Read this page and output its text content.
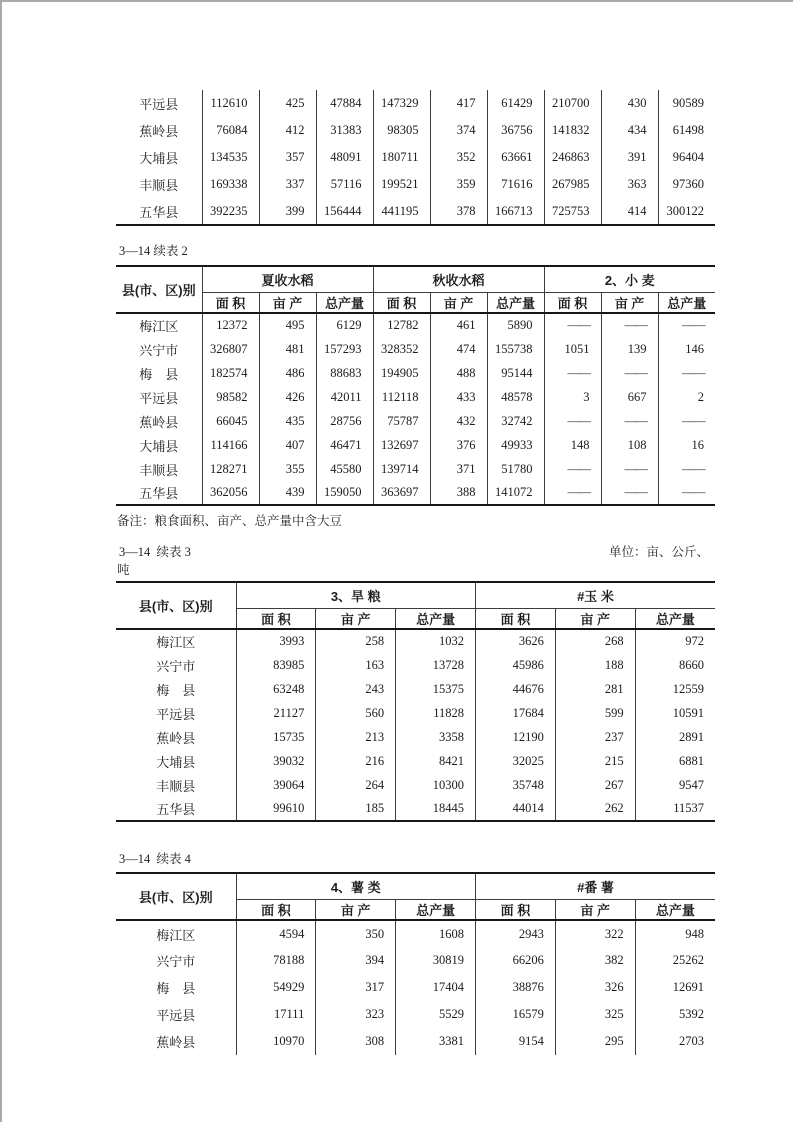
平远县	112610	425	47884	147329	417	61429	210700	430	90589
蕉岭县	76084	412	31383	98305	374	36756	141832	434	61498
大埔县	134535	357	48091	180711	352	63661	246863	391	96404
丰顺县	169338	337	57116	199521	359	71616	267985	363	97360
五华县	392235	399	156444	441195	378	166713	725753	414	300122
3—14 续表 2
县(市、区)别	夏收水稻			秋收水稻			2、小 麦		
	面 积	亩 产	总产量	面 积	亩 产	总产量	面 积	亩 产	总产量
梅江区	12372	495	6129	12782	461	5890	——	——	——
兴宁市	326807	481	157293	328352	474	155738	1051	139	146
梅　县	182574	486	88683	194905	488	95144	——	——	——
平远县	98582	426	42011	112118	433	48578	3	667	2
蕉岭县	66045	435	28756	75787	432	32742	——	——	——
大埔县	114166	407	46471	132697	376	49933	148	108	16
丰顺县	128271	355	45580	139714	371	51780	——	——	——
五华县	362056	439	159050	363697	388	141072	——	——	——
备注：粮食面积、亩产、总产量中含大豆
3—14  续表 3	单位：亩、公斤、
吨
县(市、区)别	3、旱 粮			#玉 米		
	面 积	亩 产	总产量	面 积	亩 产	总产量
梅江区	3993	258	1032	3626	268	972
兴宁市	83985	163	13728	45986	188	8660
梅　县	63248	243	15375	44676	281	12559
平远县	21127	560	11828	17684	599	10591
蕉岭县	15735	213	3358	12190	237	2891
大埔县	39032	216	8421	32025	215	6881
丰顺县	39064	264	10300	35748	267	9547
五华县	99610	185	18445	44014	262	11537
3—14  续表 4
县(市、区)别	4、薯 类			#番 薯		
	面 积	亩 产	总产量	面 积	亩 产	总产量
梅江区	4594	350	1608	2943	322	948
兴宁市	78188	394	30819	66206	382	25262
梅　县	54929	317	17404	38876	326	12691
平远县	17111	323	5529	16579	325	5392
蕉岭县	10970	308	3381	9154	295	2703
